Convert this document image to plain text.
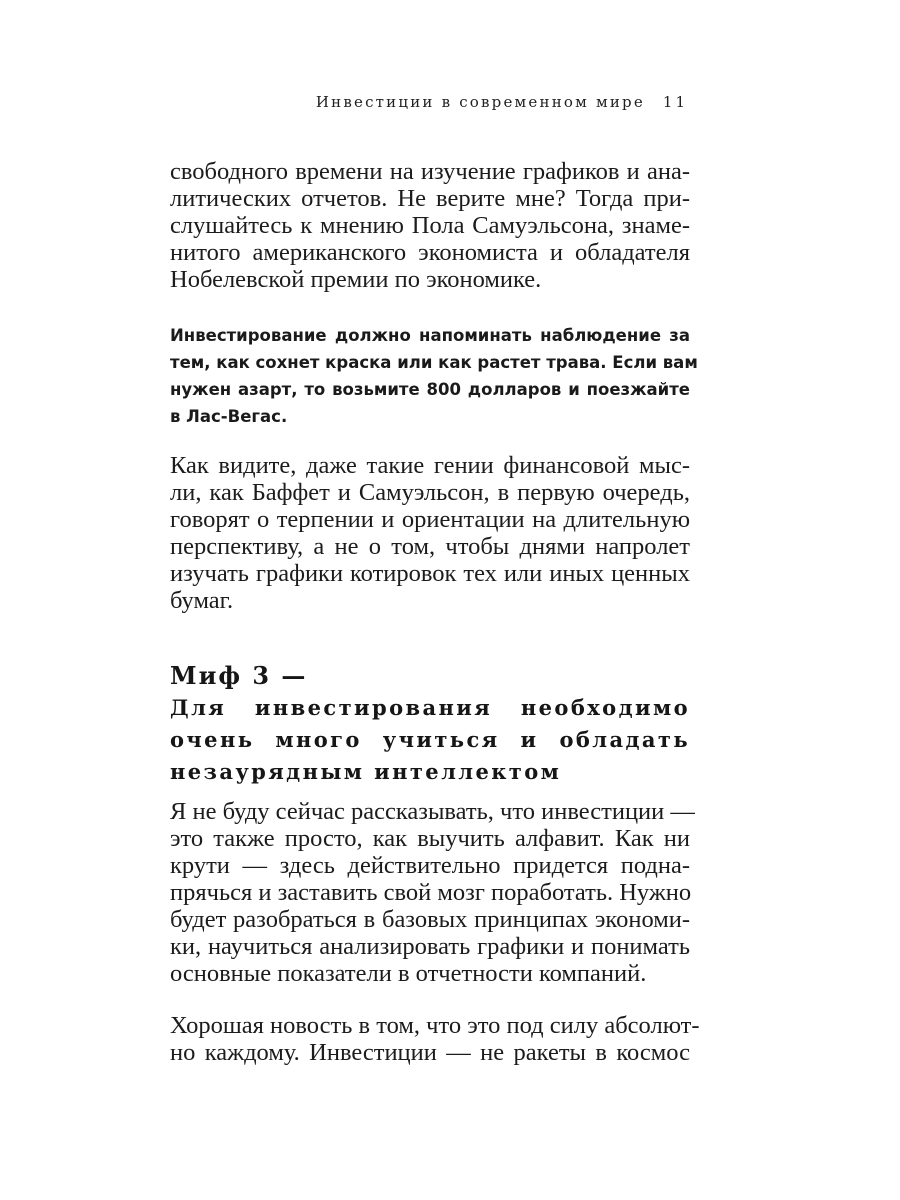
Инвестиции в современном мире 11
свободного времени на изучение графиков и ана-
литических отчетов. Не верите мне? Тогда при-
слушайтесь к мнению Пола Самуэльсона, знаме-
нитого американского экономиста и обладателя
Нобелевской премии по экономике.
Инвестирование должно напоминать наблюдение за
тем, как сохнет краска или как растет трава. Если вам
нужен азарт, то возьмите 800 долларов и поезжайте
в Лас-Вегас.
Как видите, даже такие гении финансовой мыс-
ли, как Баффет и Самуэльсон, в первую очередь,
говорят о терпении и ориентации на длительную
перспективу, а не о том, чтобы днями напролет
изучать графики котировок тех или иных ценных
бумаг.
Миф 3 —
Для инвестирования необходимо
очень много учиться и обладать
незаурядным интеллектом
Я не буду сейчас рассказывать, что инвестиции —
это также просто, как выучить алфавит. Как ни
крути — здесь действительно придется подна-
прячься и заставить свой мозг поработать. Нужно
будет разобраться в базовых принципах экономи-
ки, научиться анализировать графики и понимать
основные показатели в отчетности компаний.
Хорошая новость в том, что это под силу абсолют-
но каждому. Инвестиции — не ракеты в космос
